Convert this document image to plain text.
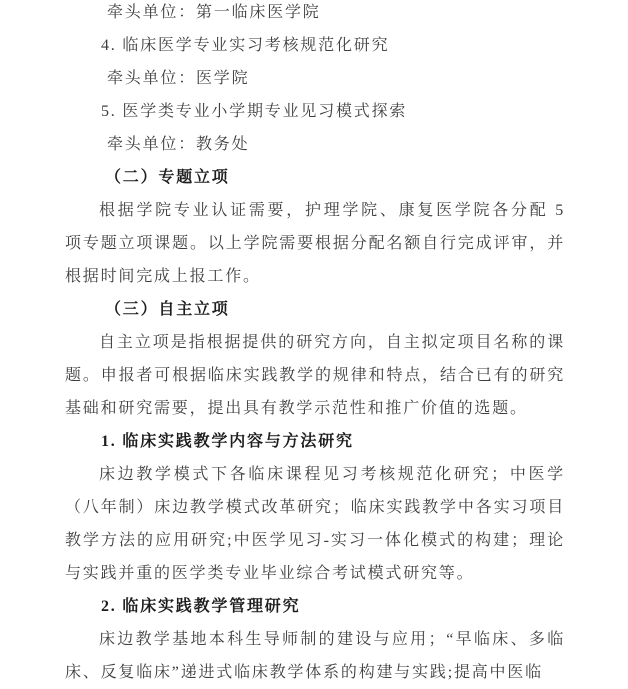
牵头单位：第一临床医学院

4. 临床医学专业实习考核规范化研究

牵头单位：医学院

5. 医学类专业小学期专业见习模式探索

牵头单位：教务处

（二）专题立项

根据学院专业认证需要，护理学院、康复医学院各分配 5 项专题立项课题。以上学院需要根据分配名额自行完成评审，并根据时间完成上报工作。

（三）自主立项

自主立项是指根据提供的研究方向，自主拟定项目名称的课题。申报者可根据临床实践教学的规律和特点，结合已有的研究基础和研究需要，提出具有教学示范性和推广价值的选题。

1. 临床实践教学内容与方法研究

床边教学模式下各临床课程见习考核规范化研究；中医学（八年制）床边教学模式改革研究；临床实践教学中各实习项目教学方法的应用研究;中医学见习-实习一体化模式的构建；理论与实践并重的医学类专业毕业综合考试模式研究等。

2. 临床实践教学管理研究

床边教学基地本科生导师制的建设与应用；“早临床、多临床、反复临床”递进式临床教学体系的构建与实践;提高中医临
